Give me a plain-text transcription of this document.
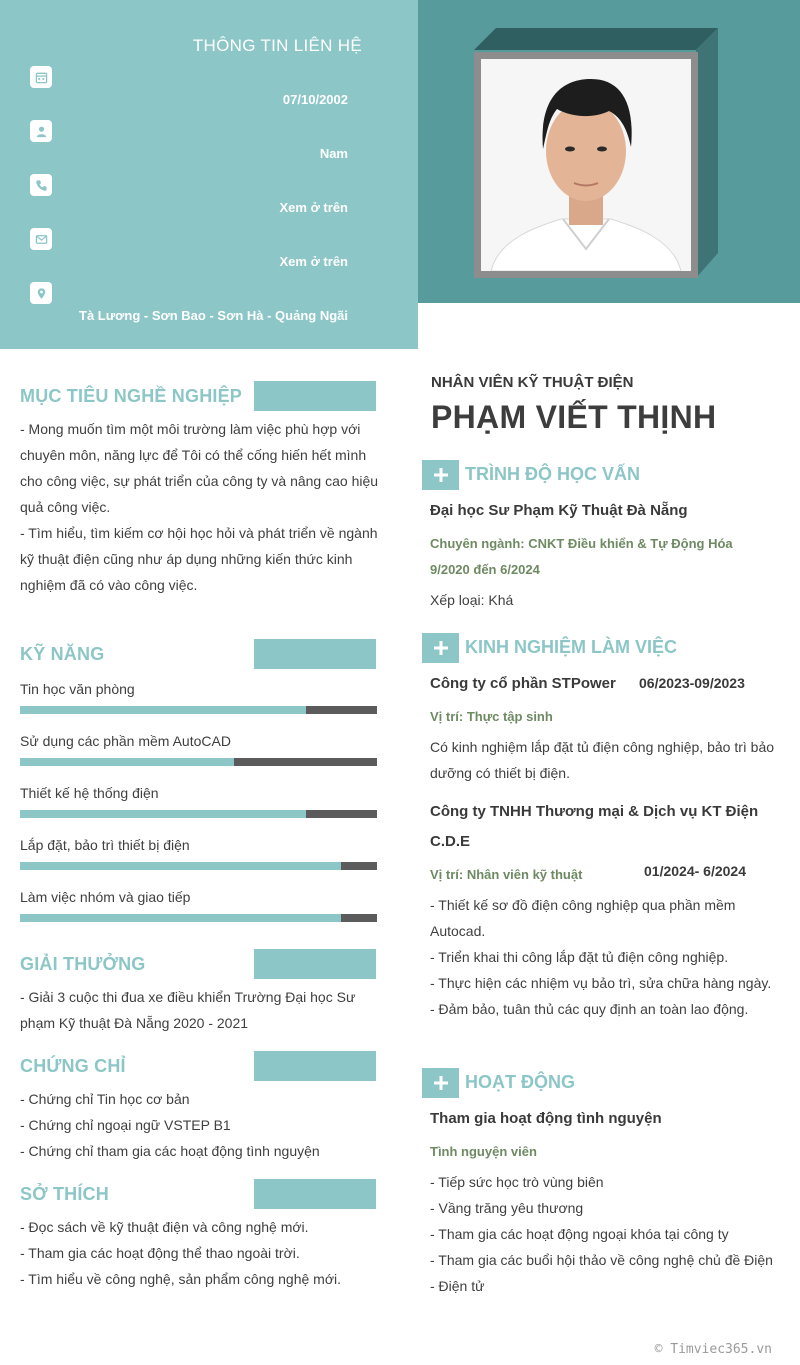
THÔNG TIN LIÊN HỆ
07/10/2002
Nam
Xem ở trên
Xem ở trên
Tà Lương - Sơn Bao - Sơn Hà - Quảng Ngãi
MỤC TIÊU NGHỀ NGHIỆP
- Mong muốn tìm một môi trường làm việc phù hợp với chuyên môn, năng lực để Tôi có thể cống hiến hết mình cho công việc, sự phát triển của công ty và nâng cao hiệu quả công việc.
- Tìm hiểu, tìm kiếm cơ hội học hỏi và phát triển về ngành kỹ thuật điện cũng như áp dụng những kiến thức kinh nghiệm đã có vào công việc.
KỸ NĂNG
Tin học văn phòng
Sử dụng các phần mềm AutoCAD
Thiết kế hệ thống điện
Lắp đặt, bảo trì thiết bị điện
Làm việc nhóm và giao tiếp
GIẢI THƯỞNG
- Giải 3 cuộc thi đua xe điều khiển Trường Đại học Sư phạm Kỹ thuật Đà Nẵng 2020 - 2021
CHỨNG CHỈ
- Chứng chỉ Tin học cơ bản
- Chứng chỉ ngoại ngữ VSTEP B1
- Chứng chỉ tham gia các hoạt động tình nguyện
SỞ THÍCH
- Đọc sách về kỹ thuật điện và công nghệ mới.
- Tham gia các hoạt động thể thao ngoài trời.
- Tìm hiểu về công nghệ, sản phẩm công nghệ mới.
NHÂN VIÊN KỸ THUẬT ĐIỆN
PHẠM VIẾT THỊNH
TRÌNH ĐỘ HỌC VẤN
Đại học Sư Phạm Kỹ Thuật Đà Nẵng
Chuyên ngành: CNKT Điều khiển & Tự Động Hóa
9/2020 đến 6/2024
Xếp loại: Khá
KINH NGHIỆM LÀM VIỆC
Công ty cổ phần STPower 06/2023-09/2023
Vị trí: Thực tập sinh
Có kinh nghiệm lắp đặt tủ điện công nghiệp, bảo trì bảo dưỡng có thiết bị điện.
Công ty TNHH Thương mại & Dịch vụ KT Điện C.D.E
01/2024- 6/2024
Vị trí: Nhân viên kỹ thuật
- Thiết kế sơ đồ điện công nghiệp qua phần mềm Autocad.
- Triển khai thi công lắp đặt tủ điện công nghiệp.
- Thực hiện các nhiệm vụ bảo trì, sửa chữa hàng ngày.
- Đảm bảo, tuân thủ các quy định an toàn lao động.
HOẠT ĐỘNG
Tham gia hoạt động tình nguyện
Tình nguyện viên
- Tiếp sức học trò vùng biên
- Vầng trăng yêu thương
- Tham gia các hoạt động ngoại khóa tại công ty
- Tham gia các buổi hội thảo về công nghệ chủ đề Điện - Điện tử
© Timviec365.vn
